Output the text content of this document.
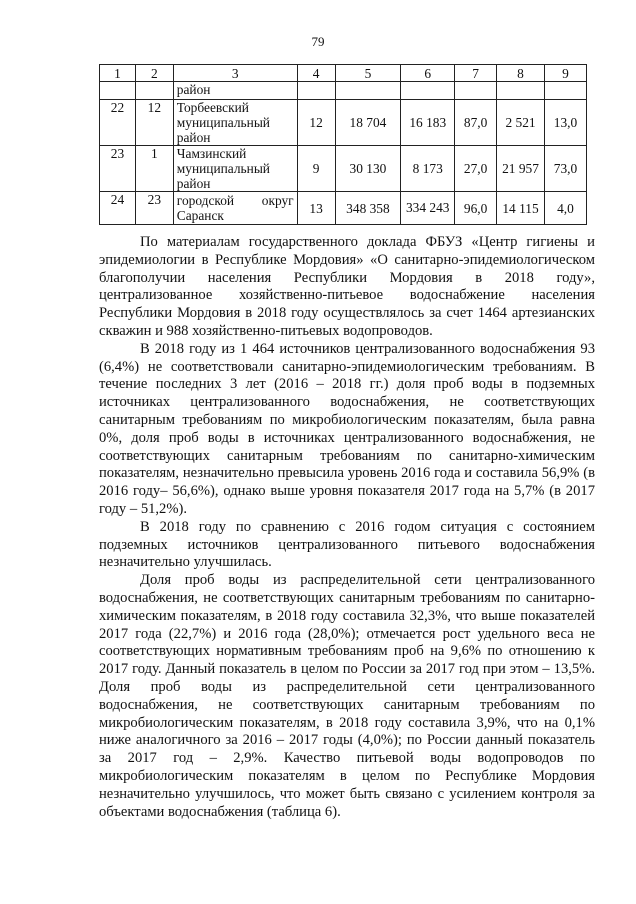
79
1	2	3	4	5	6	7	8	9
		район						
22	12	Торбеевский муниципальный район	12	18 704	16 183	87,0	2 521	13,0
23	1	Чамзинский муниципальный район	9	30 130	8 173	27,0	21 957	73,0
24	23	городской округ Саранск	13	348 358	334 243	96,0	14 115	4,0

По материалам государственного доклада ФБУЗ «Центр гигиены и эпидемиологии в Республике Мордовия» «О санитарно-эпидемиологическом благополучии населения Республики Мордовия в 2018 году», централизованное хозяйственно-питьевое водоснабжение населения Республики Мордовия в 2018 году осуществлялось за счет 1464 артезианских скважин и 988 хозяйственно-питьевых водопроводов.

В 2018 году из 1 464 источников централизованного водоснабжения 93 (6,4%) не соответствовали санитарно-эпидемиологическим требованиям. В течение последних 3 лет (2016 – 2018 гг.) доля проб воды в подземных источниках централизованного водоснабжения, не соответствующих санитарным требованиям по микробиологическим показателям, была равна 0%, доля проб воды в источниках централизованного водоснабжения, не соответствующих санитарным требованиям по санитарно-химическим показателям, незначительно превысила уровень 2016 года и составила 56,9% (в 2016 году– 56,6%), однако выше уровня показателя 2017 года на 5,7% (в 2017 году – 51,2%).

В 2018 году по сравнению с 2016 годом ситуация с состоянием подземных источников централизованного питьевого водоснабжения незначительно улучшилась.

Доля проб воды из распределительной сети централизованного водоснабжения, не соответствующих санитарным требованиям по санитарно-химическим показателям, в 2018 году составила 32,3%, что выше показателей 2017 года (22,7%) и 2016 года (28,0%); отмечается рост удельного веса не соответствующих нормативным требованиям проб на 9,6% по отношению к 2017 году. Данный показатель в целом по России за 2017 год при этом – 13,5%. Доля проб воды из распределительной сети централизованного водоснабжения, не соответствующих санитарным требованиям по микробиологическим показателям, в 2018 году составила 3,9%, что на 0,1% ниже аналогичного за 2016 – 2017 годы (4,0%); по России данный показатель за 2017 год – 2,9%. Качество питьевой воды водопроводов по микробиологическим показателям в целом по Республике Мордовия незначительно улучшилось, что может быть связано с усилением контроля за объектами водоснабжения (таблица 6).
